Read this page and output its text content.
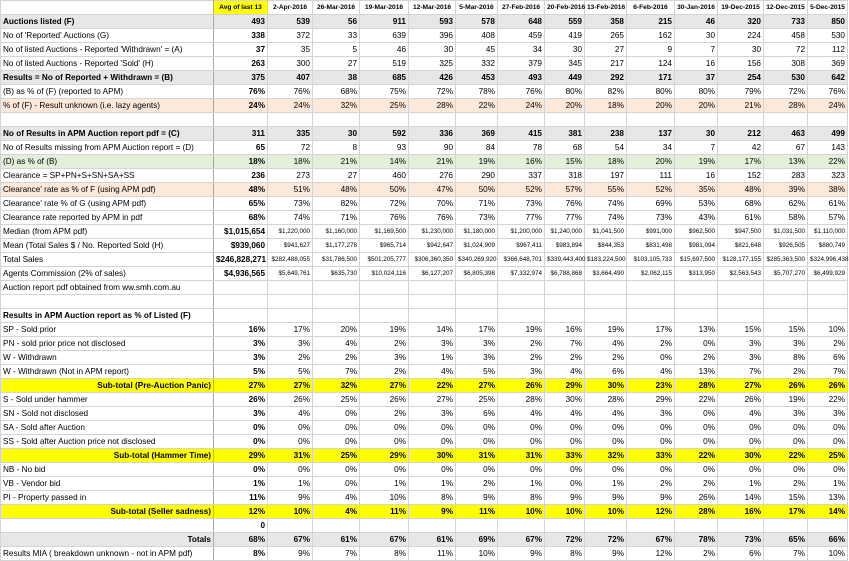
	Avg of last 13	2-Apr-2016	26-Mar-2016	19-Mar-2016	12-Mar-2016	5-Mar-2016	27-Feb-2016	20-Feb-2016	13-Feb-2016	6-Feb-2016	30-Jan-2016	19-Dec-2015	12-Dec-2015	5-Dec-2015
Auctions listed (F)	493	539	56	911	593	578	648	559	358	215	46	320	733	850
No of 'Reported' Auctions (G)	338	372	33	639	396	408	459	419	265	162	30	224	458	530
No of listed Auctions - Reported 'Withdrawn' = (A)	37	35	5	46	30	45	34	30	27	9	7	30	72	112
No of listed Auctions - Reported 'Sold' (H)	263	300	27	519	325	332	379	345	217	124	16	156	308	369
Results = No of Reported + Withdrawn = (B)	375	407	38	685	426	453	493	449	292	171	37	254	530	642
(B) as % of (F) (reported to APM)	76%	76%	68%	75%	72%	78%	76%	80%	82%	80%	80%	79%	72%	76%
% of (F) - Result unknown (i.e. lazy agents)	24%	24%	32%	25%	28%	22%	24%	20%	18%	20%	20%	21%	28%	24%

No of Results in APM Auction report pdf = (C)	311	335	30	592	336	369	415	381	238	137	30	212	463	499
No of Results missing from APM Auction report = (D)	65	72	8	93	90	84	78	68	54	34	7	42	67	143
(D) as % of (B)	18%	18%	21%	14%	21%	19%	16%	15%	18%	20%	19%	17%	13%	22%
Clearance = SP+PN+S+SN+SA+SS	236	273	27	460	276	290	337	318	197	111	16	152	283	323
Clearance' rate as % of F (using APM pdf)	48%	51%	48%	50%	47%	50%	52%	57%	55%	52%	35%	48%	39%	38%
Clearance' rate % of G (using APM pdf)	65%	73%	82%	72%	70%	71%	73%	76%	74%	69%	53%	68%	62%	61%
Clearance rate reported by APM in pdf	68%	74%	71%	76%	76%	73%	77%	77%	74%	73%	43%	61%	58%	57%
Median (from APM pdf)	$1,015,654	$1,220,000	$1,160,000	$1,169,500	$1,230,000	$1,180,000	$1,200,000	$1,240,000	$1,041,500	$991,000	$962,500	$947,500	$1,031,500	$1,110,000
Mean (Total Sales $ / No. Reported Sold (H)	$939,060	$941,627	$1,177,278	$965,714	$942,647	$1,024,909	$967,411	$983,894	$844,353	$831,498	$981,094	$821,648	$926,505	$880,749
Total Sales	$246,828,271	$282,488,055	$31,786,500	$501,205,777	$306,360,350	$340,269,920	$366,648,701	$339,443,400	$183,224,500	$103,105,733	$15,697,500	$128,177,155	$285,363,500	$324,996,438
Agents Commission (2% of sales)	$4,936,565	$5,649,761	$635,730	$10,024,116	$6,127,207	$6,805,398	$7,332,974	$6,788,868	$3,664,490	$2,062,115	$313,950	$2,563,543	$5,707,270	$6,499,929
Auction report pdf obtained from ww.smh.com.au														

Results in APM Auction report as % of Listed (F)														
SP - Sold prior	16%	17%	20%	19%	14%	17%	19%	16%	19%	17%	13%	15%	15%	10%
PN - sold prior price not disclosed	3%	3%	4%	2%	3%	3%	2%	7%	4%	2%	0%	3%	3%	2%
W - Withdrawn	3%	2%	2%	3%	1%	3%	2%	2%	2%	0%	2%	3%	8%	6%
W - Withdrawn (Not in APM report)	5%	5%	7%	2%	4%	5%	3%	4%	6%	4%	13%	7%	2%	7%
Sub-total (Pre-Auction Panic)	27%	27%	32%	27%	22%	27%	26%	29%	30%	23%	28%	27%	26%	26%
S - Sold under hammer	26%	26%	25%	26%	27%	25%	28%	30%	28%	29%	22%	26%	19%	22%
SN - Sold not disclosed	3%	4%	0%	2%	3%	6%	4%	4%	4%	3%	0%	4%	3%	3%
SA - Sold after Auction	0%	0%	0%	0%	0%	0%	0%	0%	0%	0%	0%	0%	0%	0%
SS - Sold after Auction price not disclosed	0%	0%	0%	0%	0%	0%	0%	0%	0%	0%	0%	0%	0%	0%
Sub-total (Hammer Time)	29%	31%	25%	29%	30%	31%	31%	33%	32%	33%	22%	30%	22%	25%
NB - No bid	0%	0%	0%	0%	0%	0%	0%	0%	0%	0%	0%	0%	0%	0%
VB - Vendor bid	1%	1%	0%	1%	1%	2%	1%	0%	1%	2%	2%	1%	2%	1%
PI - Property passed in	11%	9%	4%	10%	8%	9%	8%	9%	9%	9%	26%	14%	15%	13%
Sub-total (Seller sadness)	12%	10%	4%	11%	9%	11%	10%	10%	10%	12%	28%	16%	17%	14%
	0													
Totals	68%	67%	61%	67%	61%	69%	67%	72%	72%	67%	78%	73%	65%	66%
Results MIA ( breakdown unknown - not in APM pdf)	8%	9%	7%	8%	11%	10%	9%	8%	9%	12%	2%	6%	7%	10%
